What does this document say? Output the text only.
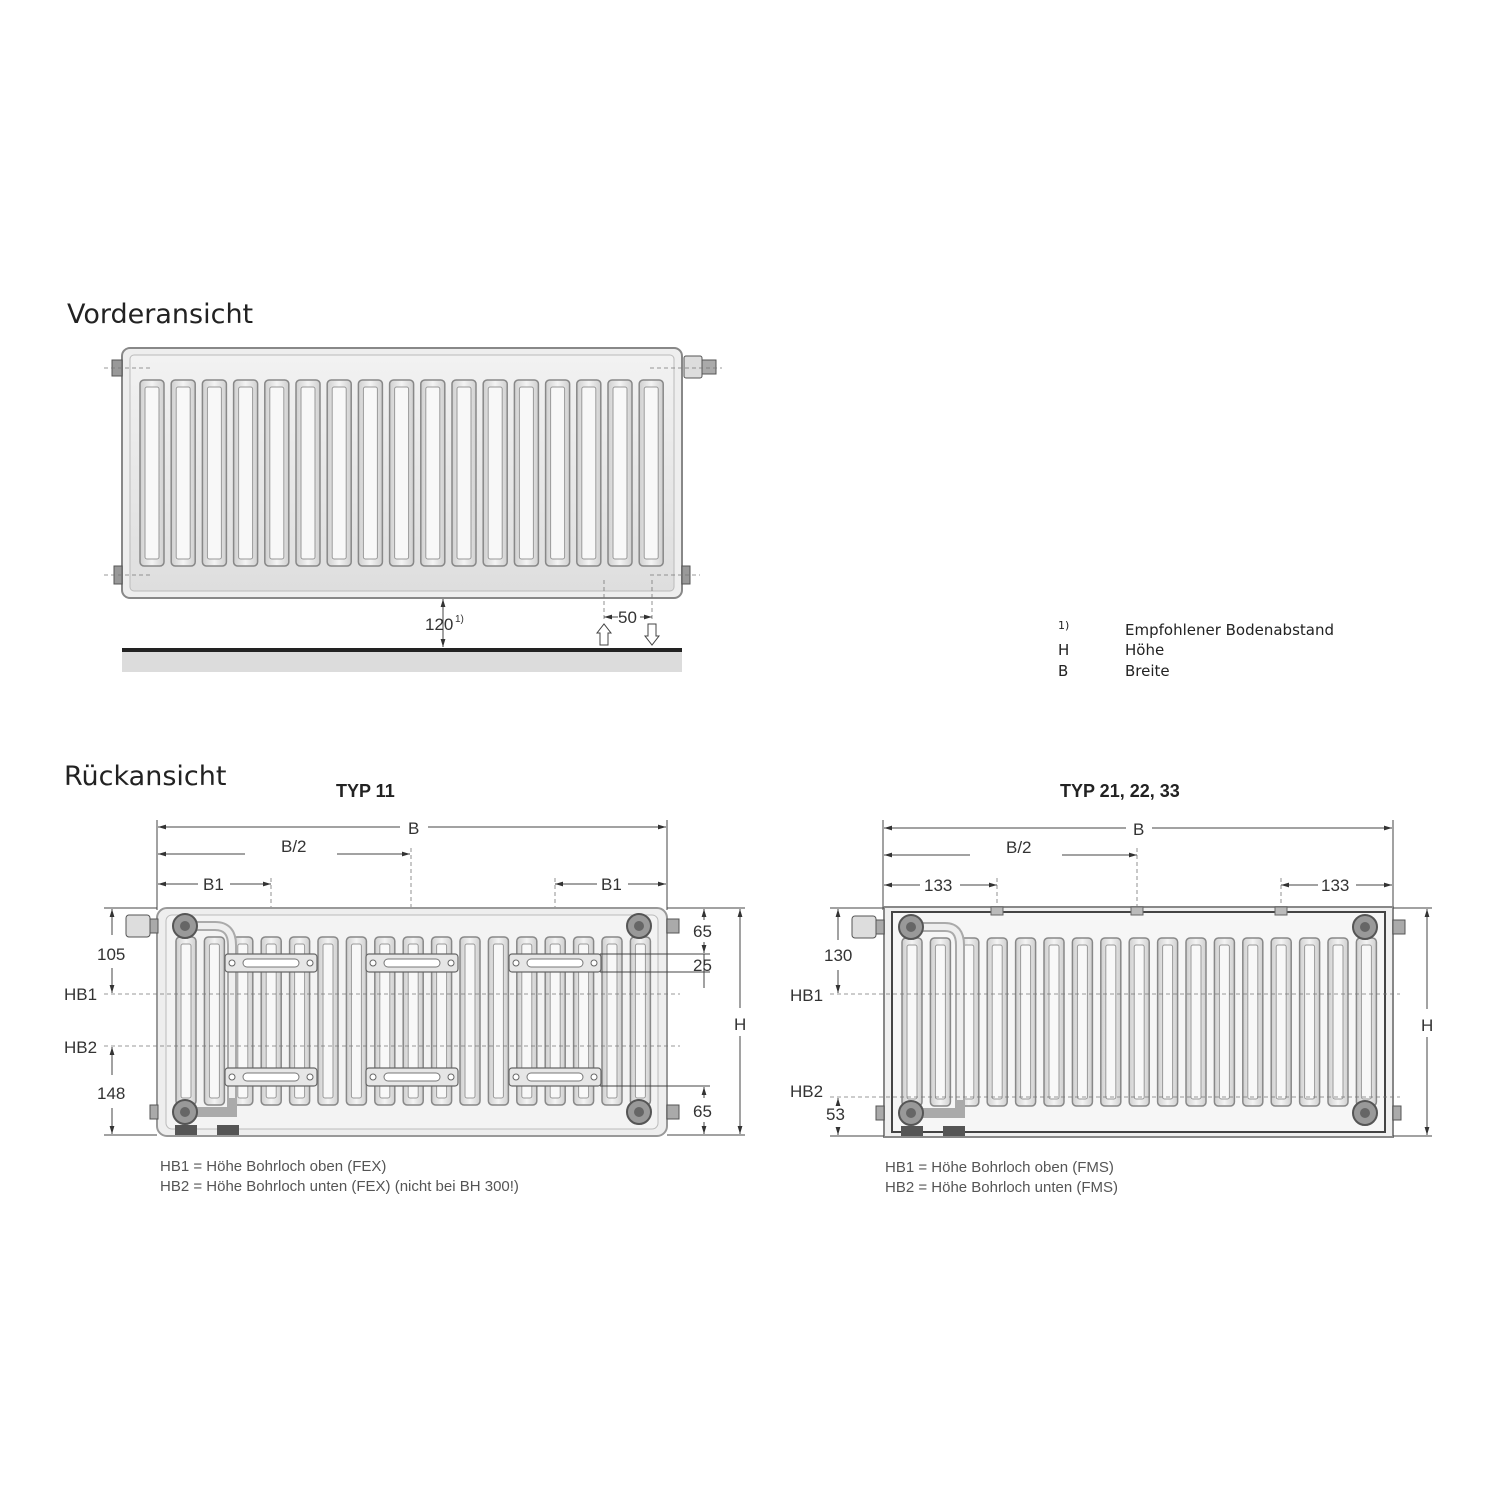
Vorderansicht
120 1)	50	1)	Empfohlener Bodenabstand
H	Höhe
B	Breite
Rückansicht	TYP 11
B
B/2
B1	B1
105
HB1
HB2
148
65
25
65
H
HB1 = Höhe Bohrloch oben (FEX)
HB2 = Höhe Bohrloch unten (FEX) (nicht bei BH 300!)
TYP 21, 22, 33
B
B/2
133	133
130
HB1
HB2
53
H
HB1 = Höhe Bohrloch oben (FMS)
HB2 = Höhe Bohrloch unten (FMS)
